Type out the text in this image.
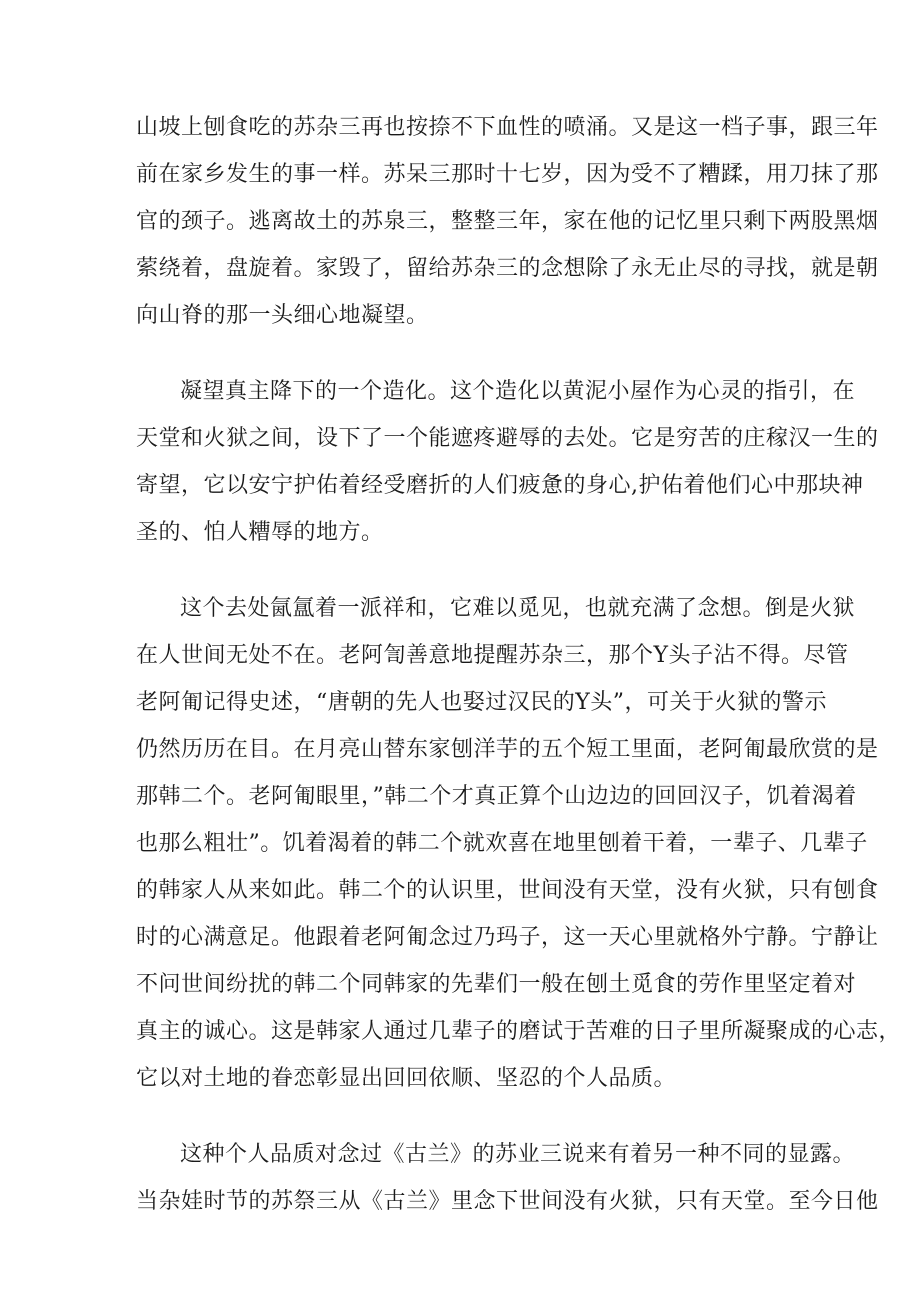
山坡上刨食吃的苏杂三再也按捺不下血性的喷涌。又是这一档子事，跟三年
前在家乡发生的事一样。苏呆三那时十七岁，因为受不了糟蹂，用刀抹了那
官的颈子。逃离故土的苏泉三，整整三年，家在他的记忆里只剩下两股黑烟
萦绕着，盘旋着。家毁了，留给苏杂三的念想除了永无止尽的寻找，就是朝
向山脊的那一头细心地凝望。

凝望真主降下的一个造化。这个造化以黄泥小屋作为心灵的指引，在
天堂和火狱之间，设下了一个能遮疼避辱的去处。它是穷苦的庄稼汉一生的
寄望，它以安宁护佑着经受磨折的人们疲惫的身心,护佑着他们心中那块神
圣的、怕人糟辱的地方。

这个去处氤氲着一派祥和，它难以觅见，也就充满了念想。倒是火狱
在人世间无处不在。老阿訇善意地提醒苏杂三，那个Y头子沾不得。尽管
老阿匍记得史述，“唐朝的先人也娶过汉民的Y头”，可关于火狱的警示
仍然历历在目。在月亮山替东家刨洋芋的五个短工里面，老阿匍最欣赏的是
那韩二个。老阿匍眼里，”韩二个才真正算个山边边的回回汉子，饥着渴着
也那么粗壮”。饥着渴着的韩二个就欢喜在地里刨着干着，一辈子、几辈子
的韩家人从来如此。韩二个的认识里，世间没有天堂，没有火狱，只有刨食
时的心满意足。他跟着老阿匍念过乃玛子，这一天心里就格外宁静。宁静让
不问世间纷扰的韩二个同韩家的先辈们一般在刨土觅食的劳作里坚定着对
真主的诚心。这是韩家人通过几辈子的磨试于苦难的日子里所凝聚成的心志，
它以对土地的眷恋彰显出回回依顺、坚忍的个人品质。

这种个人品质对念过《古兰》的苏业三说来有着另一种不同的显露。
当杂娃时节的苏祭三从《古兰》里念下世间没有火狱，只有天堂。至今日他
